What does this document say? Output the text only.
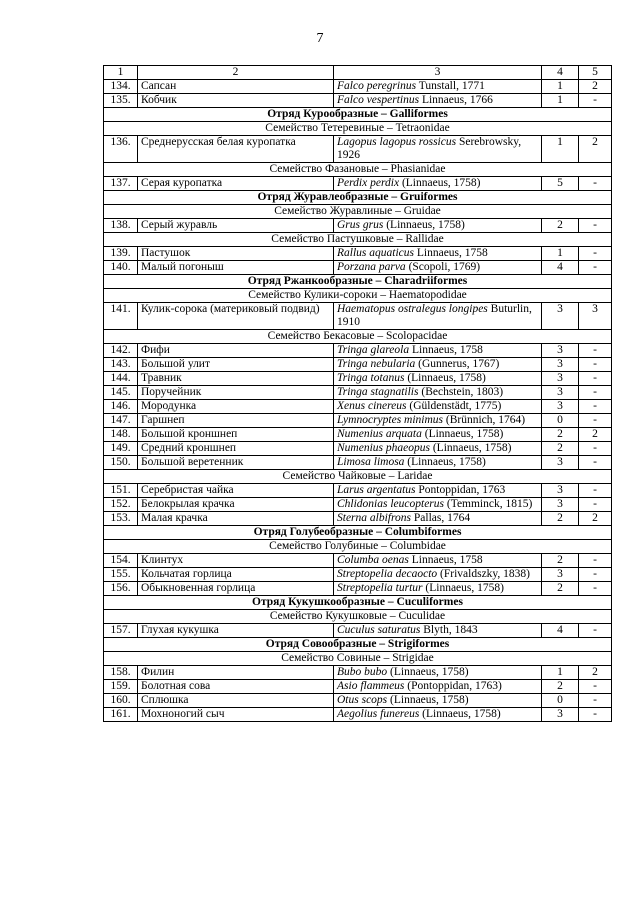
7
1	2	3	4	5
134.	Сапсан	Falco peregrinus Tunstall, 1771	1	2
135.	Кобчик	Falco vespertinus Linnaeus, 1766	1	-
Отряд Курообразные – Galliformes				
Семейство Тетеревиные – Tetraonidae				
136.	Среднерусская белая куропатка	Lagopus lagopus rossicus Serebrowsky, 1926	1	2
Семейство Фазановые – Phasianidae				
137.	Серая куропатка	Perdix perdix (Linnaeus, 1758)	5	-
Отряд Журавлеобразные – Gruiformes				
Семейство Журавлиные – Gruidae				
138.	Серый журавль	Grus grus (Linnaeus, 1758)	2	-
Семейство Пастушковые – Rallidae				
139.	Пастушок	Rallus aquaticus Linnaeus, 1758	1	-
140.	Малый погоныш	Porzana parva (Scopoli, 1769)	4	-
Отряд Ржанкообразные – Charadriiformes				
Семейство Кулики-сороки – Haematopodidae				
141.	Кулик-сорока (материковый подвид)	Haematopus ostralegus longipes Buturlin, 1910	3	3
Семейство Бекасовые – Scolopacidae				
142.	Фифи	Tringa glareola Linnaeus, 1758	3	-
143.	Большой улит	Tringa nebularia (Gunnerus, 1767)	3	-
144.	Травник	Tringa totanus (Linnaeus, 1758)	3	-
145.	Поручейник	Tringa stagnatilis (Bechstein, 1803)	3	-
146.	Мородунка	Xenus cinereus (Güldenstädt, 1775)	3	-
147.	Гаршнеп	Lymnocryptes minimus (Brünnich, 1764)	0	-
148.	Большой кроншнеп	Numenius arquata (Linnaeus, 1758)	2	2
149.	Средний кроншнеп	Numenius phaeopus (Linnaeus, 1758)	2	-
150.	Большой веретенник	Limosa limosa (Linnaeus, 1758)	3	-
Семейство Чайковые – Laridae				
151.	Серебристая чайка	Larus argentatus Pontoppidan, 1763	3	-
152.	Белокрылая крачка	Chlidonias leucopterus (Temminck, 1815)	3	-
153.	Малая крачка	Sterna albifrons Pallas, 1764	2	2
Отряд Голубеобразные – Columbiformes				
Семейство Голубиные – Columbidae				
154.	Клинтух	Columba oenas Linnaeus, 1758	2	-
155.	Кольчатая горлица	Streptopelia decaocto (Frivaldszky, 1838)	3	-
156.	Обыкновенная горлица	Streptopelia turtur (Linnaeus, 1758)	2	-
Отряд Кукушкообразные – Cuculiformes				
Семейство Кукушковые – Cuculidae				
157.	Глухая кукушка	Cuculus saturatus Blyth, 1843	4	-
Отряд Совообразные – Strigiformes				
Семейство Совиные – Strigidae				
158.	Филин	Bubo bubo (Linnaeus, 1758)	1	2
159.	Болотная сова	Asio flammeus (Pontoppidan, 1763)	2	-
160.	Сплюшка	Otus scops (Linnaeus, 1758)	0	-
161.	Мохноногий сыч	Aegolius funereus (Linnaeus, 1758)	3	-
